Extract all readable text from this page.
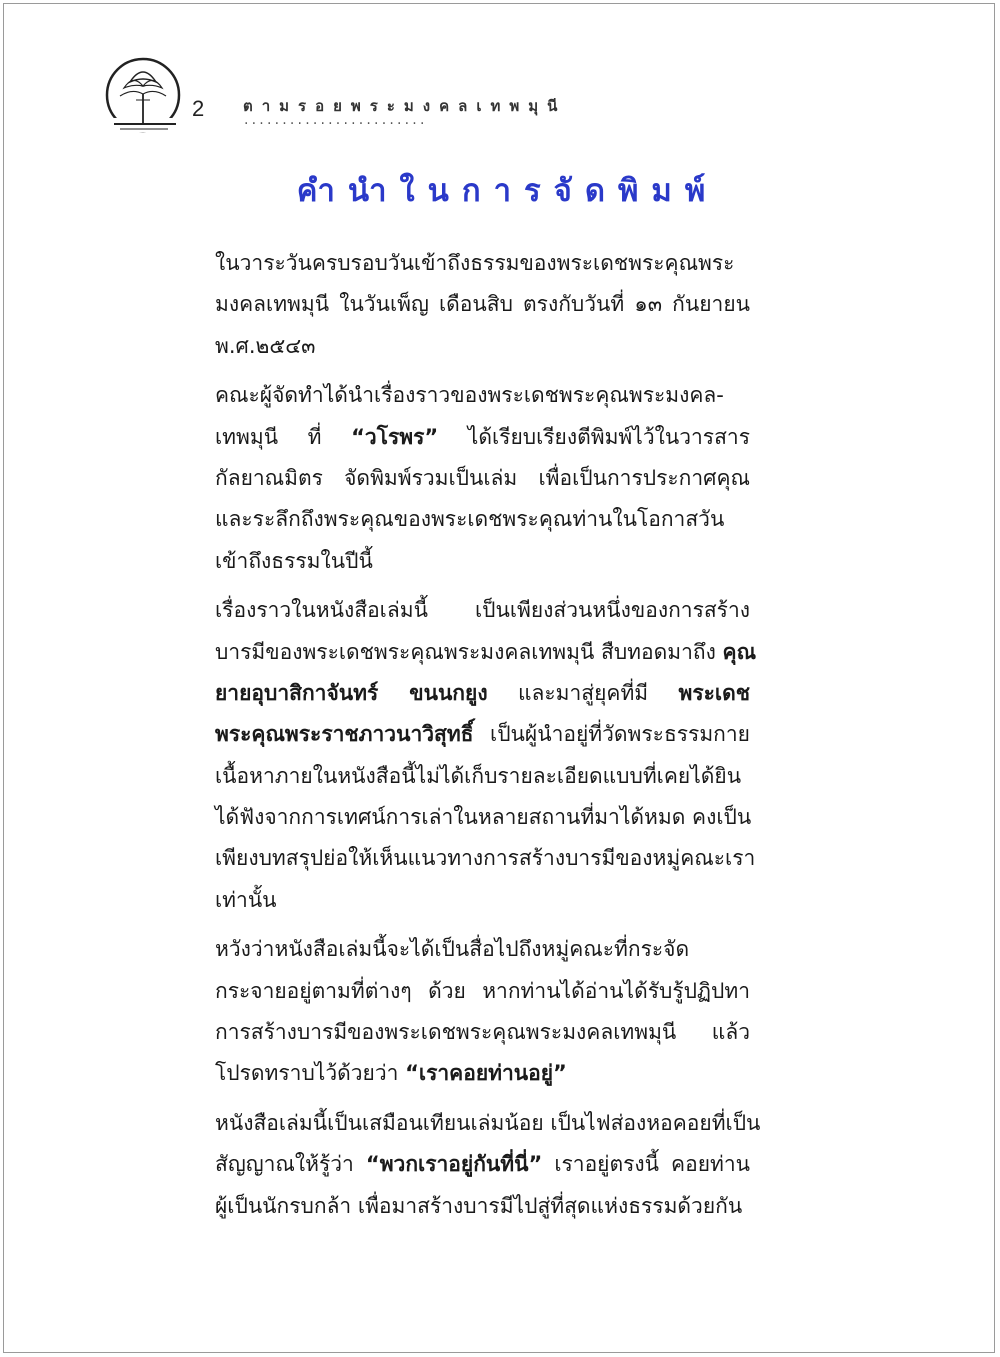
2	ตามรอยพระมงคลเทพมุนี
........................
คำนำในการจัดพิมพ์
ในวาระวันครบรอบวันเข้าถึงธรรมของพระเดชพระคุณพระ
มงคลเทพมุนี ในวันเพ็ญ เดือนสิบ ตรงกับวันที่ ๑๓ กันยายน
พ.ศ.๒๕๔๓
คณะผู้จัดทำได้นำเรื่องราวของพระเดชพระคุณพระมงคล-
เทพมุนี ที่ “วโรพร” ได้เรียบเรียงตีพิมพ์ไว้ในวารสาร
กัลยาณมิตร จัดพิมพ์รวมเป็นเล่ม เพื่อเป็นการประกาศคุณ
และระลึกถึงพระคุณของพระเดชพระคุณท่านในโอกาสวัน
เข้าถึงธรรมในปีนี้
เรื่องราวในหนังสือเล่มนี้ เป็นเพียงส่วนหนึ่งของการสร้าง
บารมีของพระเดชพระคุณพระมงคลเทพมุนี สืบทอดมาถึง คุณ
ยายอุบาสิกาจันทร์ ขนนกยูง และมาสู่ยุคที่มี พระเดช
พระคุณพระราชภาวนาวิสุทธิ์ เป็นผู้นำอยู่ที่วัดพระธรรมกาย
เนื้อหาภายในหนังสือนี้ไม่ได้เก็บรายละเอียดแบบที่เคยได้ยิน
ได้ฟังจากการเทศน์การเล่าในหลายสถานที่มาได้หมด คงเป็น
เพียงบทสรุปย่อให้เห็นแนวทางการสร้างบารมีของหมู่คณะเรา
เท่านั้น
หวังว่าหนังสือเล่มนี้จะได้เป็นสื่อไปถึงหมู่คณะที่กระจัด
กระจายอยู่ตามที่ต่างๆ ด้วย หากท่านได้อ่านได้รับรู้ปฏิปทา
การสร้างบารมีของพระเดชพระคุณพระมงคลเทพมุนี แล้ว
โปรดทราบไว้ด้วยว่า “เราคอยท่านอยู่”
หนังสือเล่มนี้เป็นเสมือนเทียนเล่มน้อย เป็นไฟส่องหอคอยที่เป็น
สัญญาณให้รู้ว่า “พวกเราอยู่กันที่นี่” เราอยู่ตรงนี้ คอยท่าน
ผู้เป็นนักรบกล้า เพื่อมาสร้างบารมีไปสู่ที่สุดแห่งธรรมด้วยกัน
